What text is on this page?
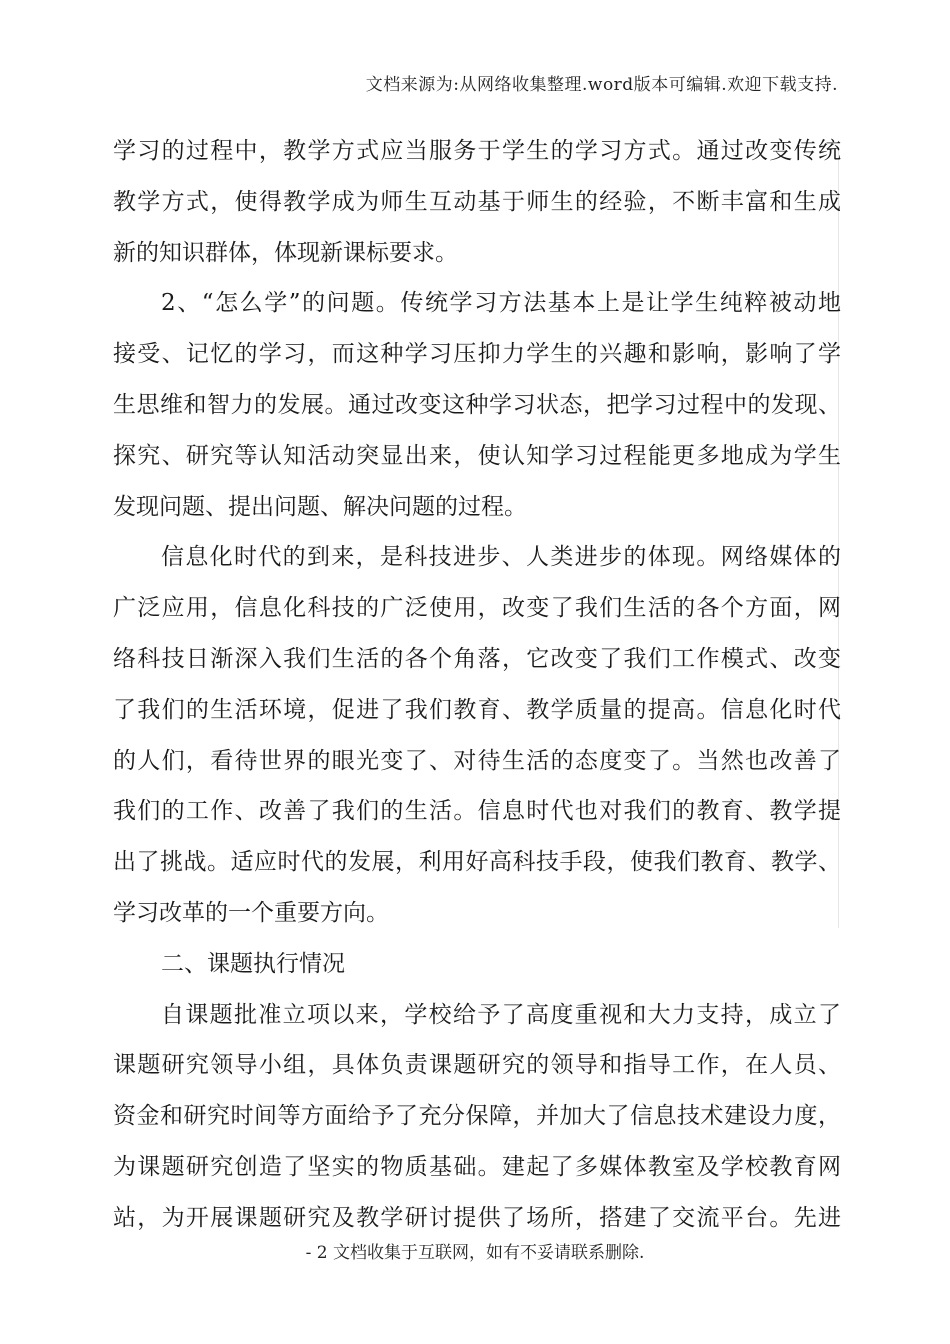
文档来源为:从网络收集整理.word版本可编辑.欢迎下载支持.
学习的过程中，教学方式应当服务于学生的学习方式。通过改变传统
教学方式，使得教学成为师生互动基于师生的经验，不断丰富和生成
新的知识群体，体现新课标要求。
2、“怎么学”的问题。传统学习方法基本上是让学生纯粹被动地
接受、记忆的学习，而这种学习压抑力学生的兴趣和影响，影响了学
生思维和智力的发展。通过改变这种学习状态，把学习过程中的发现、
探究、研究等认知活动突显出来，使认知学习过程能更多地成为学生
发现问题、提出问题、解决问题的过程。
信息化时代的到来，是科技进步、人类进步的体现。网络媒体的
广泛应用，信息化科技的广泛使用，改变了我们生活的各个方面，网
络科技日渐深入我们生活的各个角落，它改变了我们工作模式、改变
了我们的生活环境，促进了我们教育、教学质量的提高。信息化时代
的人们，看待世界的眼光变了、对待生活的态度变了。当然也改善了
我们的工作、改善了我们的生活。信息时代也对我们的教育、教学提
出了挑战。适应时代的发展，利用好高科技手段，使我们教育、教学、
学习改革的一个重要方向。
二、课题执行情况
自课题批准立项以来，学校给予了高度重视和大力支持，成立了
课题研究领导小组，具体负责课题研究的领导和指导工作，在人员、
资金和研究时间等方面给予了充分保障，并加大了信息技术建设力度，
为课题研究创造了坚实的物质基础。建起了多媒体教室及学校教育网
站，为开展课题研究及教学研讨提供了场所，搭建了交流平台。先进
- 2 文档收集于互联网，如有不妥请联系删除.
